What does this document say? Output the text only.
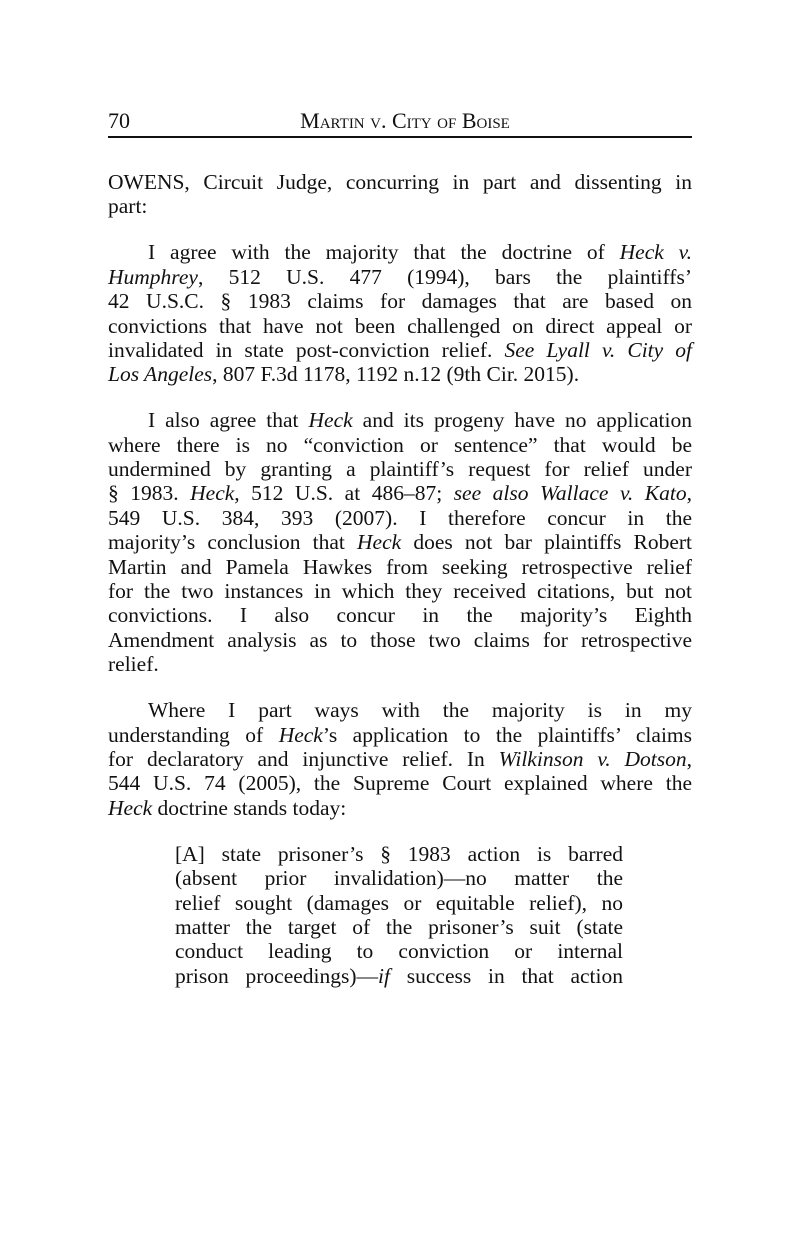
70	Martin v. City of Boise
OWENS, Circuit Judge, concurring in part and dissenting in
part:
I agree with the majority that the doctrine of Heck v.
Humphrey, 512 U.S. 477 (1994), bars the plaintiffs’
42 U.S.C. § 1983 claims for damages that are based on
convictions that have not been challenged on direct appeal or
invalidated in state post-conviction relief. See Lyall v. City of
Los Angeles, 807 F.3d 1178, 1192 n.12 (9th Cir. 2015).
I also agree that Heck and its progeny have no application
where there is no “conviction or sentence” that would be
undermined by granting a plaintiff’s request for relief under
§ 1983. Heck, 512 U.S. at 486–87; see also Wallace v. Kato,
549 U.S. 384, 393 (2007). I therefore concur in the
majority’s conclusion that Heck does not bar plaintiffs Robert
Martin and Pamela Hawkes from seeking retrospective relief
for the two instances in which they received citations, but not
convictions. I also concur in the majority’s Eighth
Amendment analysis as to those two claims for retrospective
relief.
Where I part ways with the majority is in my
understanding of Heck’s application to the plaintiffs’ claims
for declaratory and injunctive relief. In Wilkinson v. Dotson,
544 U.S. 74 (2005), the Supreme Court explained where the
Heck doctrine stands today:
[A] state prisoner’s § 1983 action is barred
(absent prior invalidation)—no matter the
relief sought (damages or equitable relief), no
matter the target of the prisoner’s suit (state
conduct leading to conviction or internal
prison proceedings)—if success in that action
